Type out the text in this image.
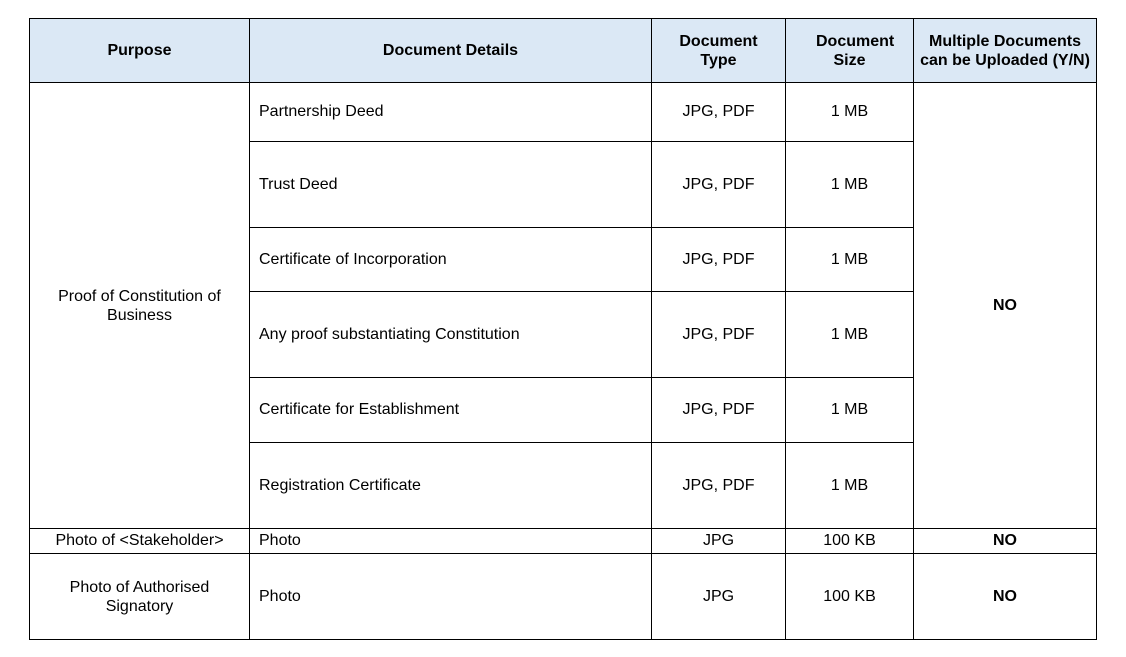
Purpose	Document Details	Document Type	Document Size	Multiple Documents can be Uploaded (Y/N)
Proof of Constitution of Business	Partnership Deed	JPG, PDF	1 MB	NO
	Trust Deed	JPG, PDF	1 MB	
	Certificate of Incorporation	JPG, PDF	1 MB	
	Any proof substantiating Constitution	JPG, PDF	1 MB	
	Certificate for Establishment	JPG, PDF	1 MB	
	Registration Certificate	JPG, PDF	1 MB	
Photo of <Stakeholder>	Photo	JPG	100 KB	NO
Photo of Authorised Signatory	Photo	JPG	100 KB	NO
